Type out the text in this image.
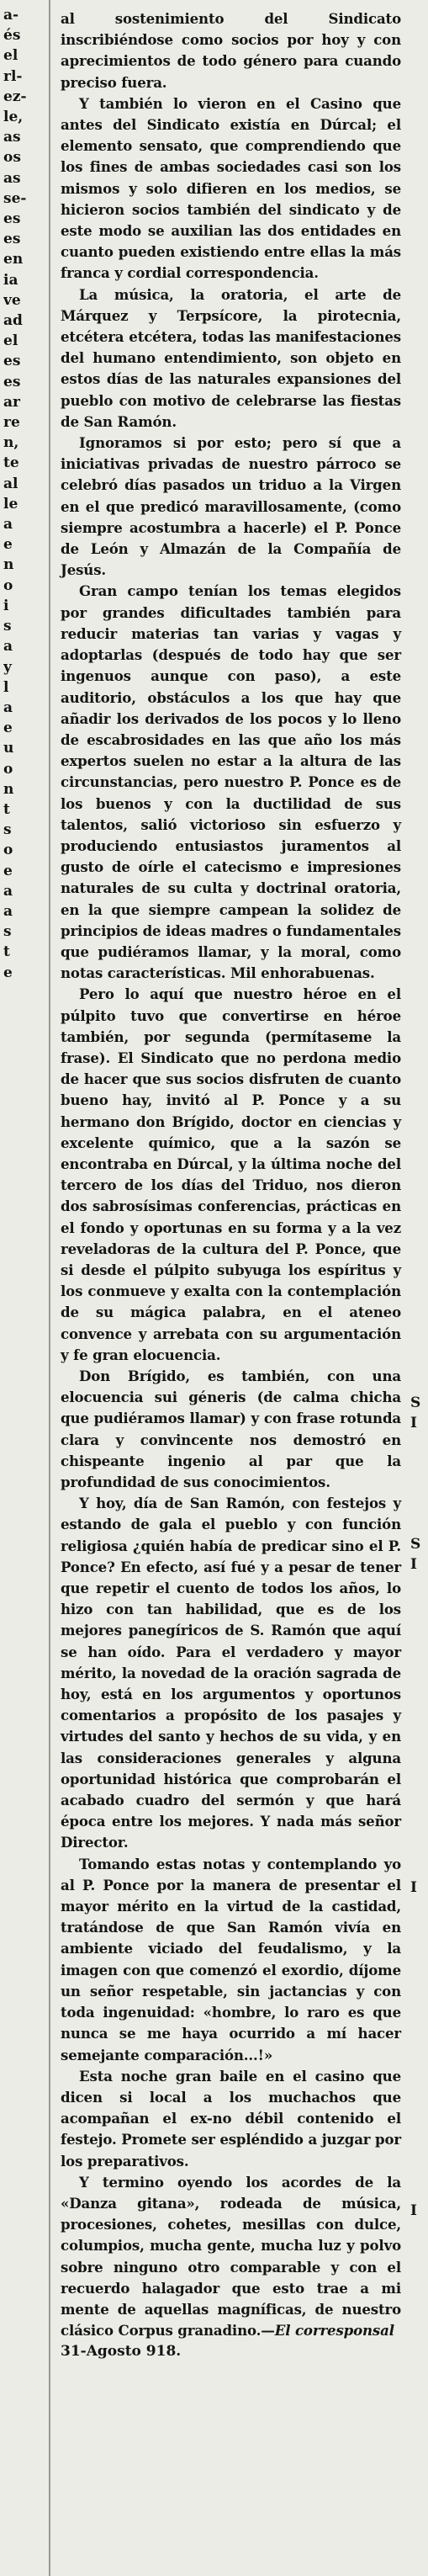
a-
és
el
rl-
ez-
le,
as
os
as
se-
es
es
en
ia
ve
ad
el
es
es
ar
re
n,
te
al
le
a
e
n
o
i
s
a
y
l
a
e
u
o
n
t
s
o
e
a
a
s
t
e

al sostenimiento del Sindicato inscribiéndose como socios por hoy y con aprecimientos de todo género para cuando preciso fuera.

Y también lo vieron en el Casino que antes del Sindicato existía en Dúrcal; el elemento sensato, que comprendiendo que los fines de ambas sociedades casi son los mismos y solo difieren en los medios, se hicieron socios también del sindicato y de este modo se auxilian las dos entidades en cuanto pueden existiendo entre ellas la más franca y cordial correspondencia.

La música, la oratoria, el arte de Márquez y Terpsícore, la pirotecnia, etcétera etcétera, todas las manifestaciones del humano entendimiento, son objeto en estos días de las naturales expansiones del pueblo con motivo de celebrarse las fiestas de San Ramón.

Ignoramos si por esto; pero sí que a iniciativas privadas de nuestro párroco se celebró días pasados un triduo a la Virgen en el que predicó maravillosamente, (como siempre acostumbra a hacerle) el P. Ponce de León y Almazán de la Compañía de Jesús.

Gran campo tenían los temas elegidos por grandes dificultades también para reducir materias tan varias y vagas y adoptarlas (después de todo hay que ser ingenuos aunque con paso), a este auditorio, obstáculos a los que hay que añadir los derivados de los pocos y lo lleno de escabrosidades en las que año los más expertos suelen no estar a la altura de las circunstancias, pero nuestro P. Ponce es de los buenos y con la ductilidad de sus talentos, salió victorioso sin esfuerzo y produciendo entusiastos juramentos al gusto de oírle el catecismo e impresiones naturales de su culta y doctrinal oratoria, en la que siempre campean la solidez de principios de ideas madres o fundamentales que pudiéramos llamar, y la moral, como notas características. Mil enhorabuenas.

Pero lo aquí que nuestro héroe en el púlpito tuvo que convertirse en héroe también, por segunda (permítaseme la frase). El Sindicato que no perdona medio de hacer que sus socios disfruten de cuanto bueno hay, invitó al P. Ponce y a su hermano don Brígido, doctor en ciencias y excelente químico, que a la sazón se encontraba en Dúrcal, y la última noche del tercero de los días del Triduo, nos dieron dos sabrosísimas conferencias, prácticas en el fondo y oportunas en su forma y a la vez reveladoras de la cultura del P. Ponce, que si desde el púlpito subyuga los espíritus y los conmueve y exalta con la contemplación de su mágica palabra, en el ateneo convence y arrebata con su argumentación y fe gran elocuencia.

Don Brígido, es también, con una elocuencia sui géneris (de calma chicha que pudiéramos llamar) y con frase rotunda clara y convincente nos demostró en chispeante ingenio al par que la profundidad de sus conocimientos.

Y hoy, día de San Ramón, con festejos y estando de gala el pueblo y con función religiosa ¿quién había de predicar sino el P. Ponce? En efecto, así fué y a pesar de tener que repetir el cuento de todos los años, lo hizo con tan habilidad, que es de los mejores panegíricos de S. Ramón que aquí se han oído. Para el verdadero y mayor mérito, la novedad de la oración sagrada de hoy, está en los argumentos y oportunos comentarios a propósito de los pasajes y virtudes del santo y hechos de su vida, y en las consideraciones generales y alguna oportunidad histórica que comprobarán el acabado cuadro del sermón y que hará época entre los mejores. Y nada más señor Director.

Tomando estas notas y contemplando yo al P. Ponce por la manera de presentar el mayor mérito en la virtud de la castidad, tratándose de que San Ramón vivía en ambiente viciado del feudalismo, y la imagen con que comenzó el exordio, díjome un señor respetable, sin jactancias y con toda ingenuidad: «hombre, lo raro es que nunca se me haya ocurrido a mí hacer semejante comparación...!»

Esta noche gran baile en el casino que dicen si local a los muchachos que acompañan el ex-no débil contenido el festejo. Promete ser espléndido a juzgar por los preparativos.

Y termino oyendo los acordes de la «Danza gitana», rodeada de música, procesiones, cohetes, mesillas con dulce, columpios, mucha gente, mucha luz y polvo sobre ninguno otro comparable y con el recuerdo halagador que esto trae a mi mente de aquellas magníficas, de nuestro clásico Corpus granadino.—El corresponsal

31-Agosto 918.
S
I

S
I

I

I
